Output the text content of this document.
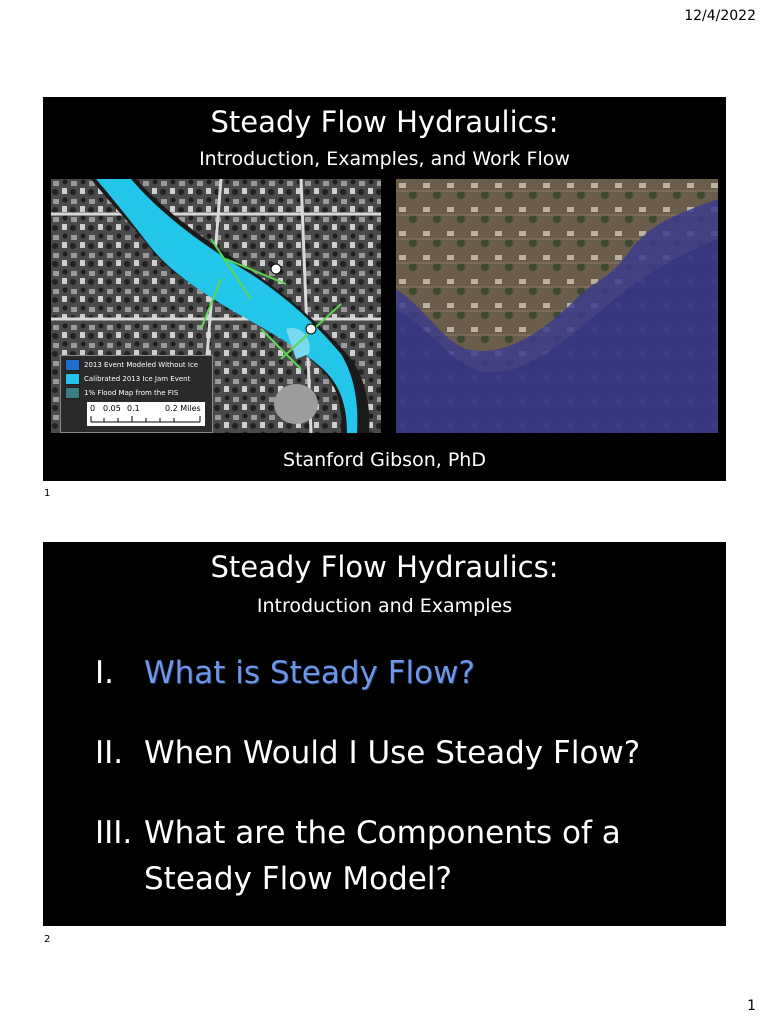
12/4/2022
Steady Flow Hydraulics:
Introduction, Examples, and Work Flow
2013 Event Modeled Without Ice
Calibrated 2013 Ice Jam Event
1% Flood Map from the FIS
0 0.05 0.1	0.2 Miles
Stanford Gibson, PhD
1
Steady Flow Hydraulics:
Introduction and Examples
I. What is Steady Flow?
II. When Would I Use Steady Flow?
III. What are the Components of a
Steady Flow Model?
2
1
